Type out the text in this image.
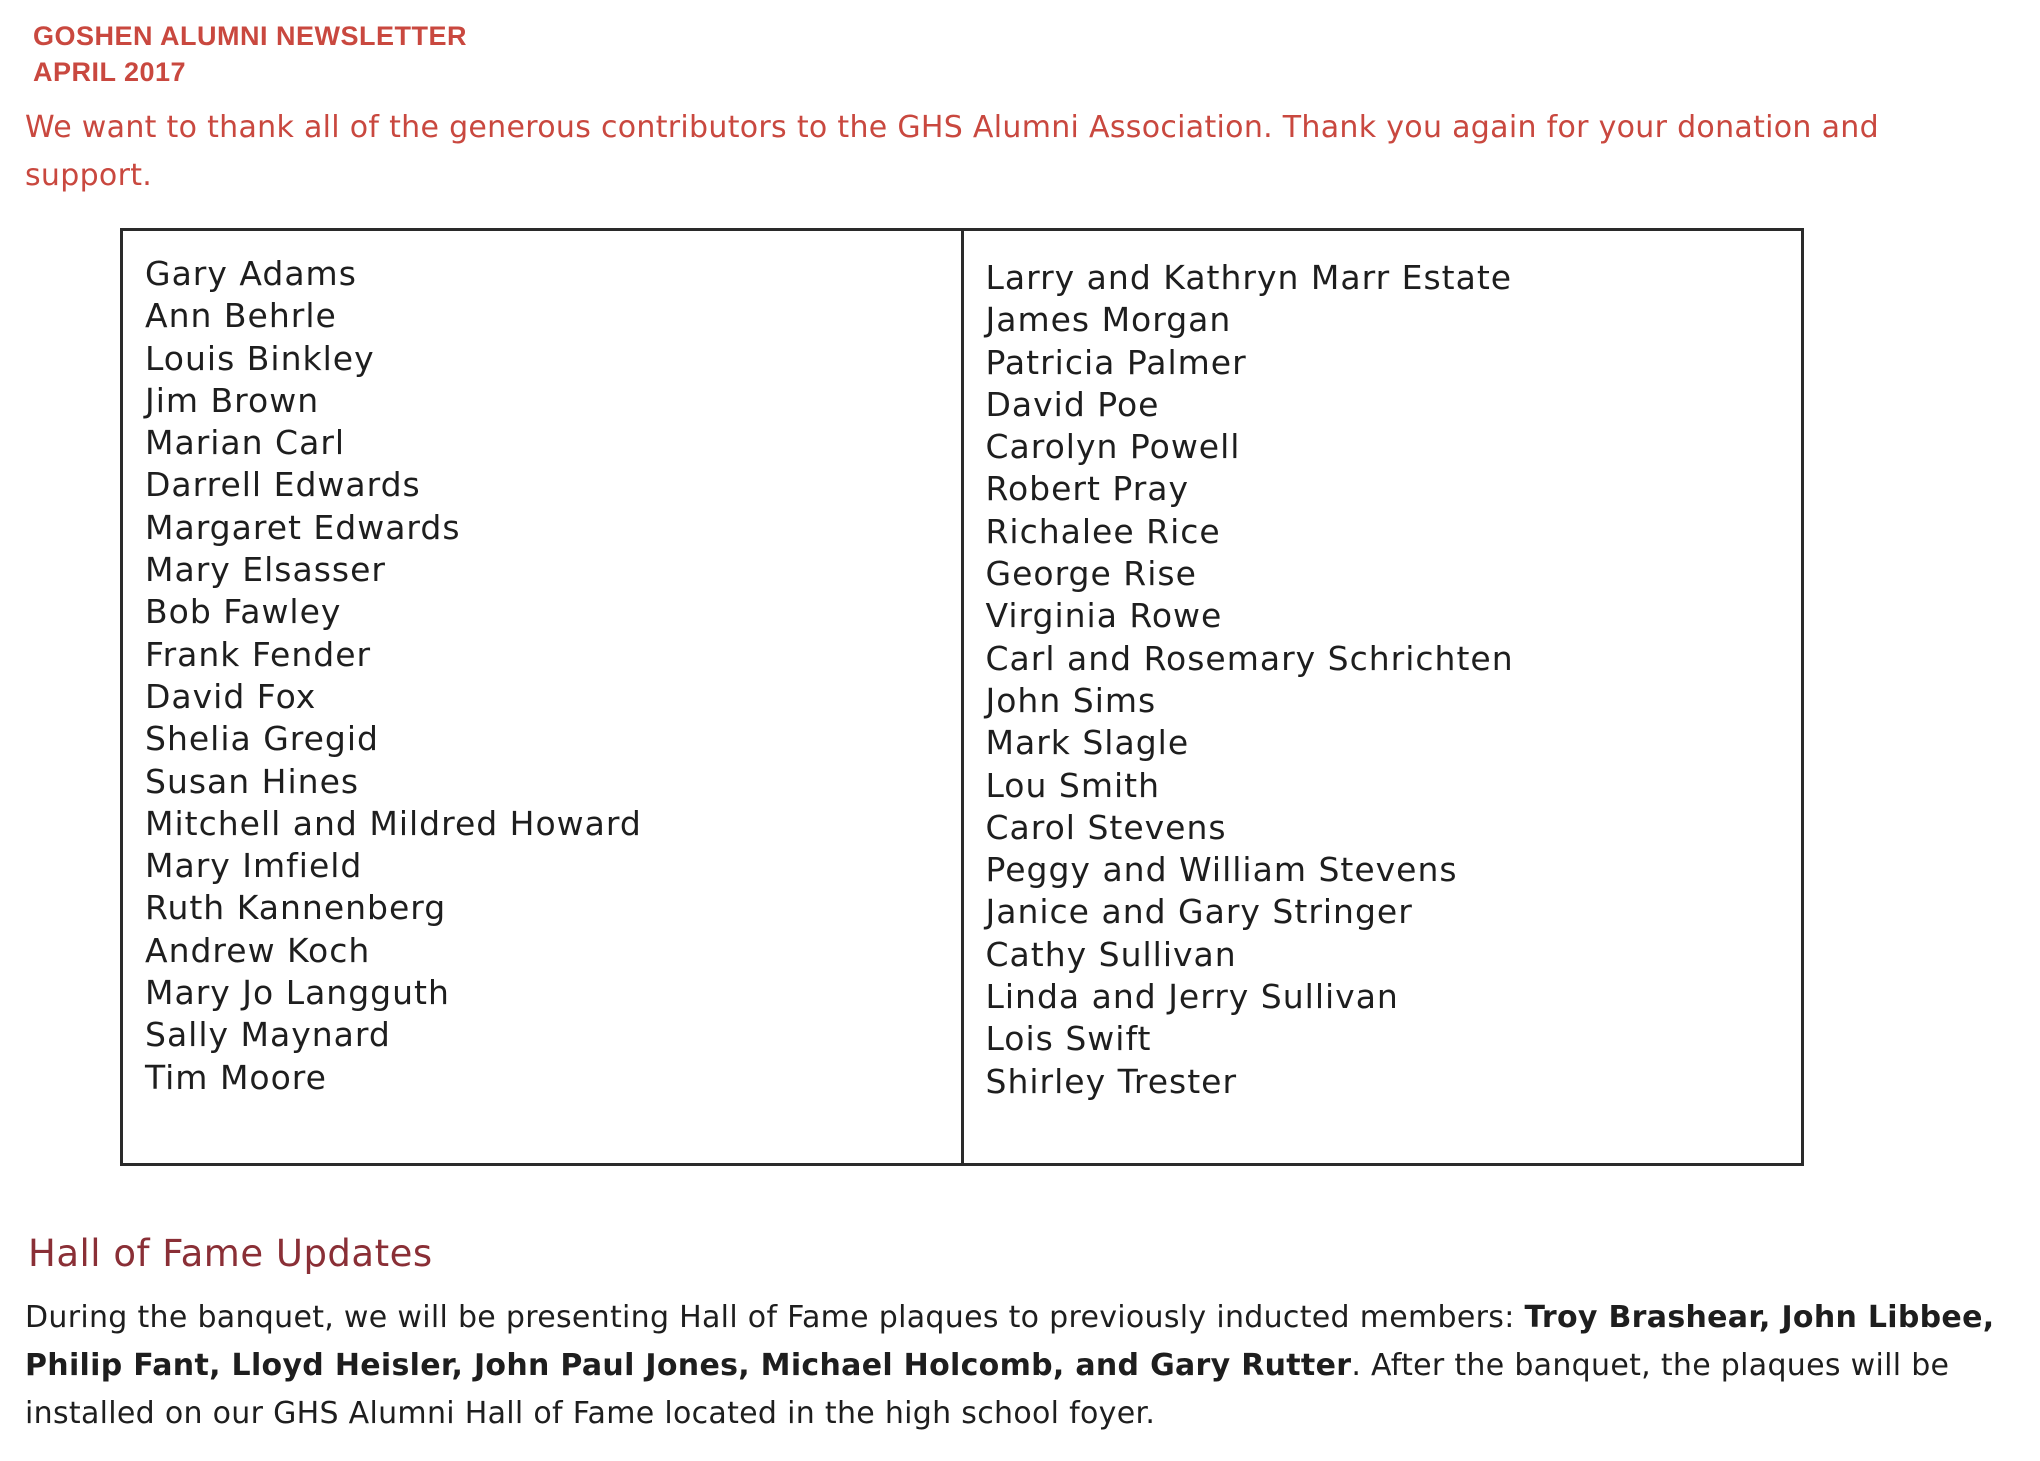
GOSHEN ALUMNI NEWSLETTER
APRIL 2017

We want to thank all of the generous contributors to the GHS Alumni Association. Thank you again for your donation and support.

Gary Adams
Ann Behrle
Louis Binkley
Jim Brown
Marian Carl
Darrell Edwards
Margaret Edwards
Mary Elsasser
Bob Fawley
Frank Fender
David Fox
Shelia Gregid
Susan Hines
Mitchell and Mildred Howard
Mary Imfield
Ruth Kannenberg
Andrew Koch
Mary Jo Langguth
Sally Maynard
Tim Moore
Larry and Kathryn Marr Estate
James Morgan
Patricia Palmer
David Poe
Carolyn Powell
Robert Pray
Richalee Rice
George Rise
Virginia Rowe
Carl and Rosemary Schrichten
John Sims
Mark Slagle
Lou Smith
Carol Stevens
Peggy and William Stevens
Janice and Gary Stringer
Cathy Sullivan
Linda and Jerry Sullivan
Lois Swift
Shirley Trester
Hall of Fame Updates

During the banquet, we will be presenting Hall of Fame plaques to previously inducted members: Troy Brashear, John Libbee, Philip Fant, Lloyd Heisler, John Paul Jones, Michael Holcomb, and Gary Rutter. After the banquet, the plaques will be installed on our GHS Alumni Hall of Fame located in the high school foyer.
